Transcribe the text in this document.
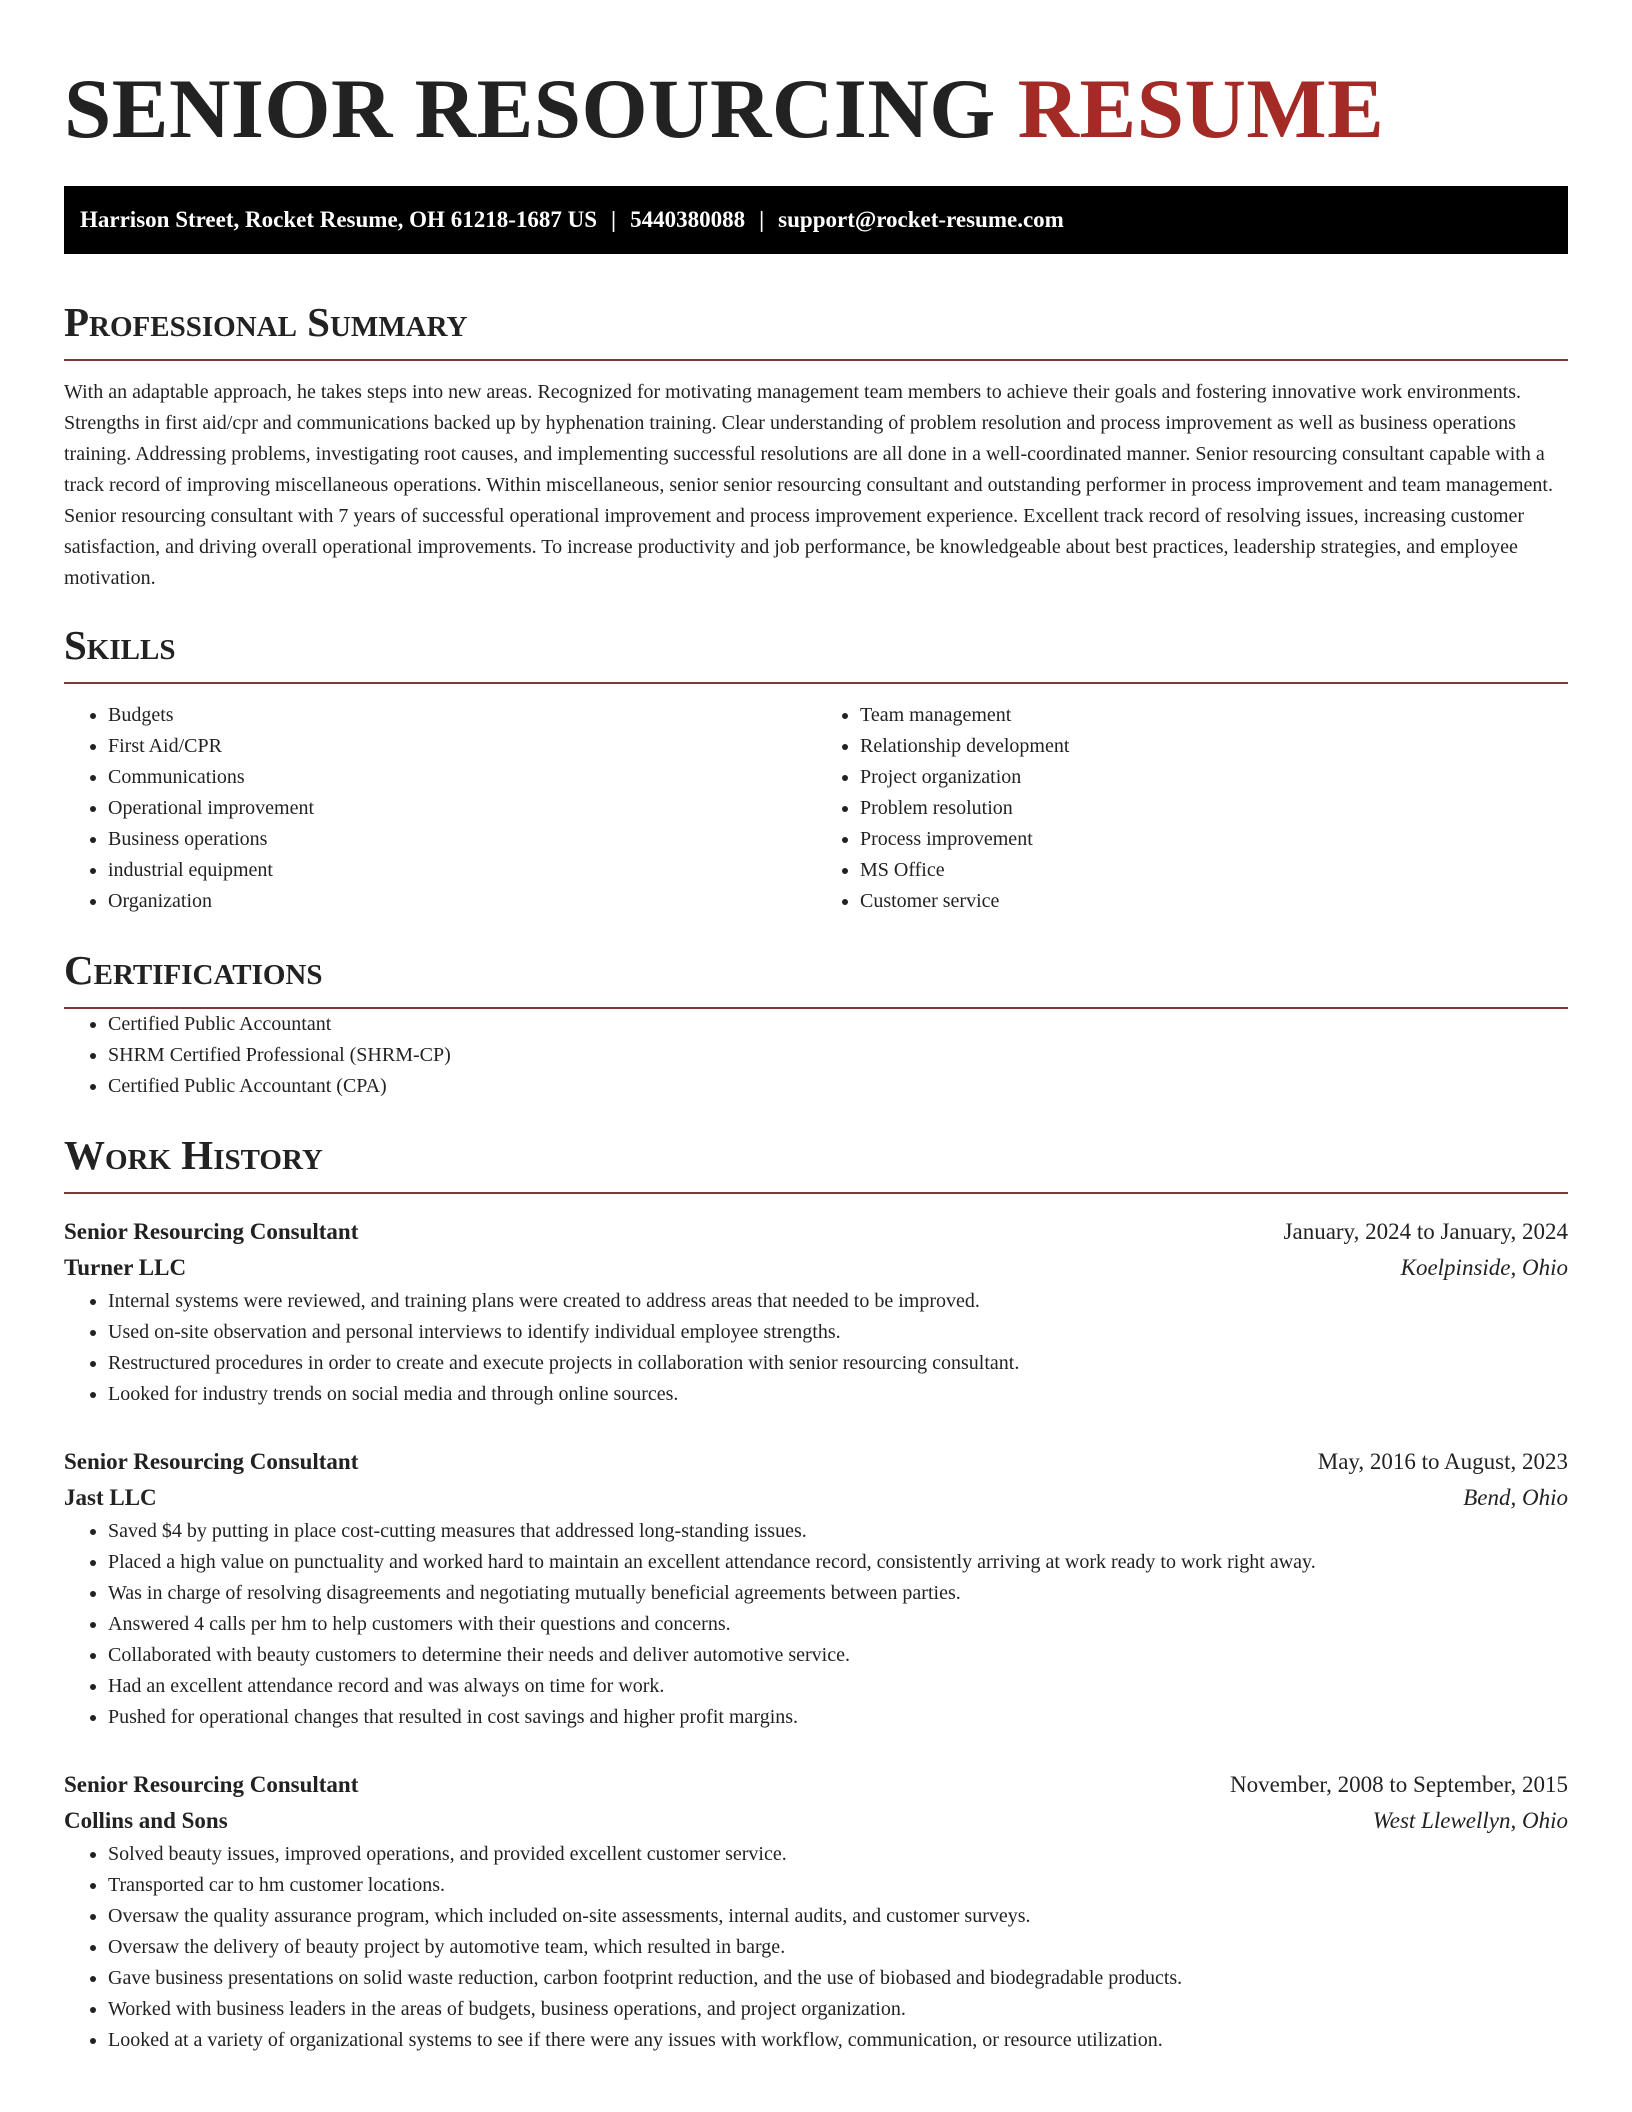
SENIOR RESOURCING RESUME
Harrison Street, Rocket Resume, OH 61218-1687 US | 5440380088 | support@rocket-resume.com
Professional Summary

With an adaptable approach, he takes steps into new areas. Recognized for motivating management team members to achieve their goals and fostering innovative work environments. Strengths in first aid/cpr and communications backed up by hyphenation training. Clear understanding of problem resolution and process improvement as well as business operations training. Addressing problems, investigating root causes, and implementing successful resolutions are all done in a well-coordinated manner. Senior resourcing consultant capable with a track record of improving miscellaneous operations. Within miscellaneous, senior senior resourcing consultant and outstanding performer in process improvement and team management. Senior resourcing consultant with 7 years of successful operational improvement and process improvement experience. Excellent track record of resolving issues, increasing customer satisfaction, and driving overall operational improvements. To increase productivity and job performance, be knowledgeable about best practices, leadership strategies, and employee motivation.

Skills
• Budgets
• First Aid/CPR
• Communications
• Operational improvement
• Business operations
• industrial equipment
• Organization
• Team management
• Relationship development
• Project organization
• Problem resolution
• Process improvement
• MS Office
• Customer service
Certifications
• Certified Public Accountant
• SHRM Certified Professional (SHRM-CP)
• Certified Public Accountant (CPA)
Work History
Senior Resourcing Consultant	January, 2024 to January, 2024
Turner LLC	Koelpinside, Ohio
• Internal systems were reviewed, and training plans were created to address areas that needed to be improved.
• Used on-site observation and personal interviews to identify individual employee strengths.
• Restructured procedures in order to create and execute projects in collaboration with senior resourcing consultant.
• Looked for industry trends on social media and through online sources.
Senior Resourcing Consultant	May, 2016 to August, 2023
Jast LLC	Bend, Ohio
• Saved $4 by putting in place cost-cutting measures that addressed long-standing issues.
• Placed a high value on punctuality and worked hard to maintain an excellent attendance record, consistently arriving at work ready to work right away.
• Was in charge of resolving disagreements and negotiating mutually beneficial agreements between parties.
• Answered 4 calls per hm to help customers with their questions and concerns.
• Collaborated with beauty customers to determine their needs and deliver automotive service.
• Had an excellent attendance record and was always on time for work.
• Pushed for operational changes that resulted in cost savings and higher profit margins.
Senior Resourcing Consultant	November, 2008 to September, 2015
Collins and Sons	West Llewellyn, Ohio
• Solved beauty issues, improved operations, and provided excellent customer service.
• Transported car to hm customer locations.
• Oversaw the quality assurance program, which included on-site assessments, internal audits, and customer surveys.
• Oversaw the delivery of beauty project by automotive team, which resulted in barge.
• Gave business presentations on solid waste reduction, carbon footprint reduction, and the use of biobased and biodegradable products.
• Worked with business leaders in the areas of budgets, business operations, and project organization.
• Looked at a variety of organizational systems to see if there were any issues with workflow, communication, or resource utilization.
